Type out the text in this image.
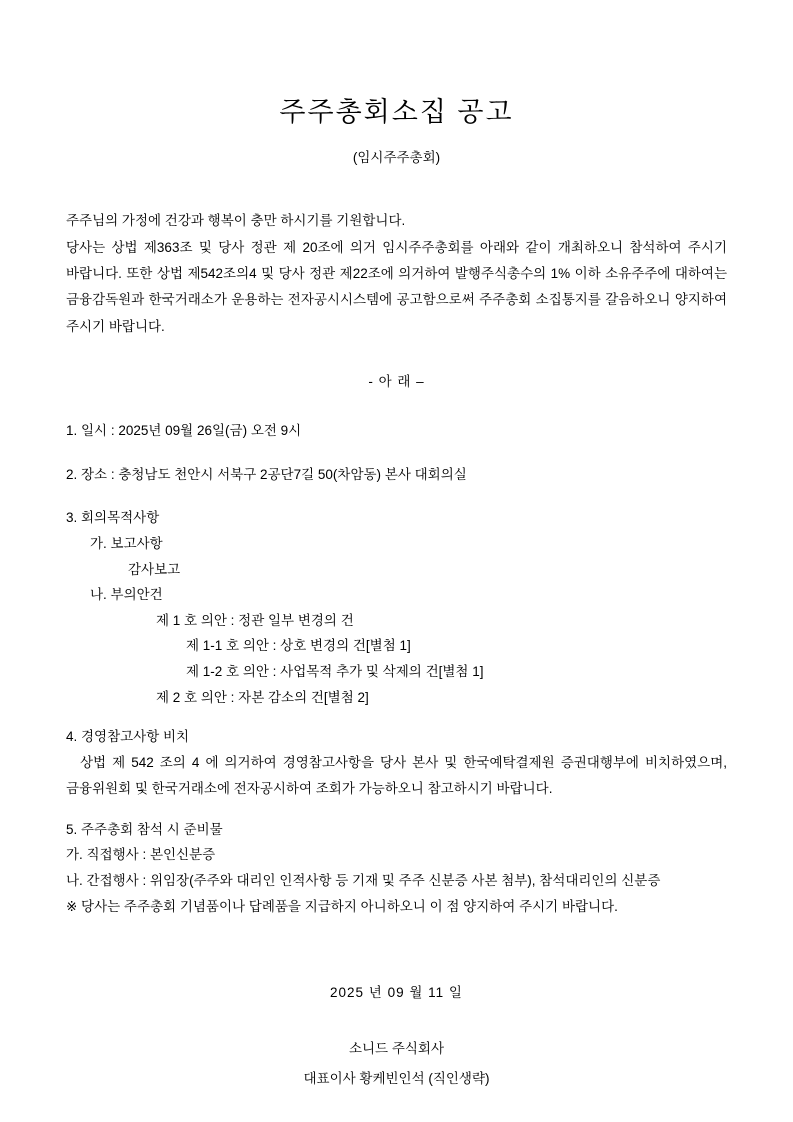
주주총회소집 공고
(임시주주총회)

주주님의 가정에 건강과 행복이 충만 하시기를 기원합니다.

당사는 상법 제363조 및 당사 정관 제 20조에 의거 임시주주총회를 아래와 같이 개최하오니 참석하여 주시기 바랍니다. 또한 상법 제542조의4 및 당사 정관 제22조에 의거하여 발행주식총수의 1% 이하 소유주주에 대하여는 금융감독원과 한국거래소가 운용하는 전자공시시스템에 공고함으로써 주주총회 소집통지를 갈음하오니 양지하여 주시기 바랍니다.

- 아 래 –

1. 일시 : 2025년 09월 26일(금) 오전 9시

2. 장소 : 충청남도 천안시 서북구 2공단7길 50(차암동) 본사 대회의실

3. 회의목적사항

가. 보고사항

감사보고

나. 부의안건

제 1 호 의안 : 정관 일부 변경의 건

제 1-1 호 의안 : 상호 변경의 건[별첨 1]

제 1-2 호 의안 : 사업목적 추가 및 삭제의 건[별첨 1]

제 2 호 의안 : 자본 감소의 건[별첨 2]

4. 경영참고사항 비치

상법 제 542 조의 4 에 의거하여 경영참고사항을 당사 본사 및 한국예탁결제원 증권대행부에 비치하였으며, 금융위원회 및 한국거래소에 전자공시하여 조회가 가능하오니 참고하시기 바랍니다.

5. 주주총회 참석 시 준비물

가. 직접행사 : 본인신분증

나. 간접행사 : 위임장(주주와 대리인 인적사항 등 기재 및 주주 신분증 사본 첨부), 참석대리인의 신분증

※ 당사는 주주총회 기념품이나 답례품을 지급하지 아니하오니 이 점 양지하여 주시기 바랍니다.

2025 년 09 월 11 일
소니드 주식회사
대표이사 황케빈인석 (직인생략)
